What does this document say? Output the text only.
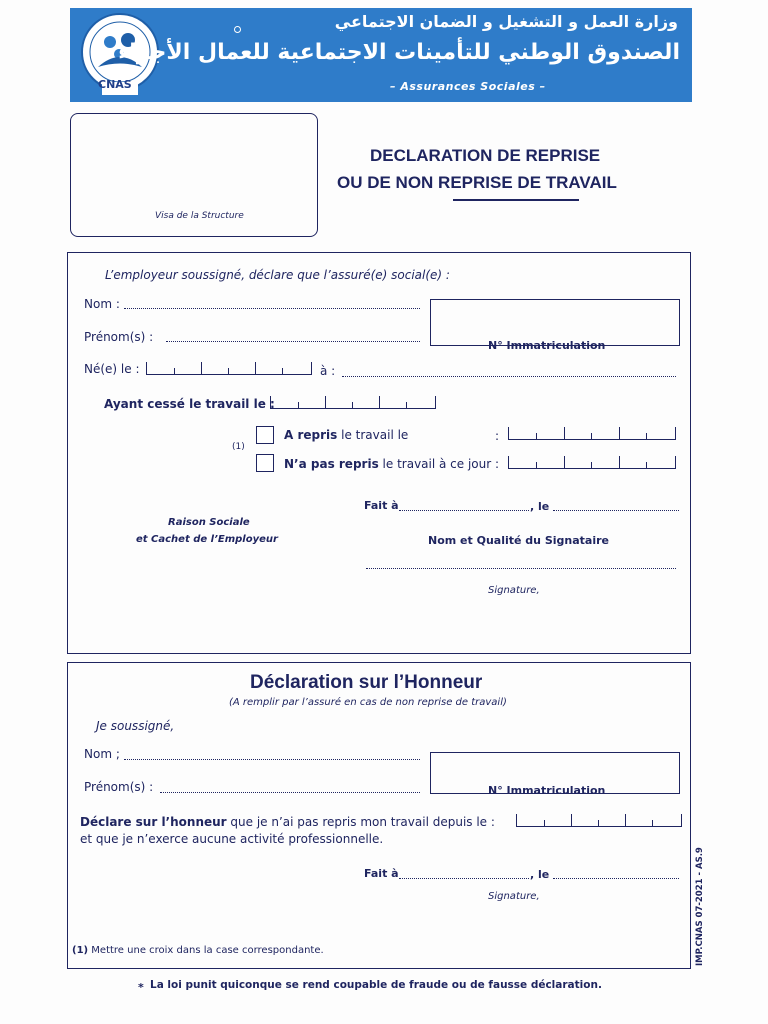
CNAS
وزارة العمل و التشغيل و الضمان الاجتماعي
الصندوق الوطني للتأمينات الاجتماعية للعمال الأجراء
– Assurances Sociales –
Visa de la Structure
DECLARATION DE REPRISE
OU DE NON REPRISE DE TRAVAIL
L’employeur soussigné, déclare que l’assuré(e) social(e) :
Nom :
Prénom(s) :
N° Immatriculation
Né(e) le :	à :
Ayant cessé le travail le :
(1)
A repris le travail le	:
N’a pas repris le travail à ce jour :
Fait à	, le
Raison Sociale
et Cachet de l’Employeur	Nom et Qualité du Signataire
Signature,
Déclaration sur l’Honneur
(A remplir par l’assuré en cas de non reprise de travail)
Je soussigné,
Nom ;
Prénom(s) :	N° Immatriculation
Déclare sur l’honneur que je n’ai pas repris mon travail depuis le :
et que je n’exerce aucune activité professionnelle.
Fait à	, le
Signature,
(1) Mettre une croix dans la case correspondante.	IMP.CNAS 07-2021 - AS.9
* La loi punit quiconque se rend coupable de fraude ou de fausse déclaration.
